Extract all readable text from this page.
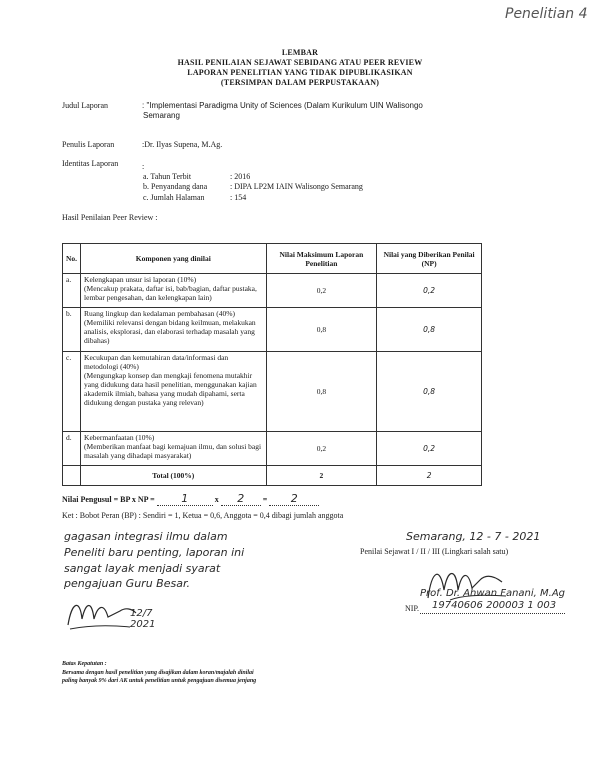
Penelitian 4
LEMBAR
HASIL PENILAIAN SEJAWAT SEBIDANG ATAU PEER REVIEW
LAPORAN PENELITIAN YANG TIDAK DIPUBLIKASIKAN
(TERSIMPAN DALAM PERPUSTAKAAN)
Judul Laporan	: "Implementasi Paradigma Unity of Sciences (Dalam Kurikulum UIN Walisongo
Semarang
Penulis Laporan	:Dr. Ilyas Supena, M.Ag.
Identitas Laporan	:
a. Tahun Terbit	: 2016
b. Penyandang dana	: DIPA LP2M IAIN Walisongo Semarang
c. Jumlah Halaman	: 154
Hasil Penilaian Peer Review :
No.	Komponen yang dinilai	Nilai Maksimum Laporan Penelitian	Nilai yang Diberikan Penilai (NP)
a.	Kelengkapan unsur isi laporan (10%)
(Mencakup prakata, daftar isi, bab/bagian, daftar pustaka, lembar pengesahan, dan kelengkapan lain)	0,2	0,2
b.	Ruang lingkup dan kedalaman pembahasan (40%)
(Memiliki relevansi dengan bidang keilmuan, melakukan analisis, eksplorasi, dan elaborasi terhadap masalah yang dibahas)	0,8	0,8
c.	Kecukupan dan kemutahiran data/informasi dan metodologi (40%)
(Mengungkap konsep dan mengkaji fenomena mutakhir yang didukung data hasil penelitian, menggunakan kajian akademik ilmiah, bahasa yang mudah dipahami, serta didukung dengan pustaka yang relevan)	0,8	0,8
d.	Kebermanfaatan (10%)
(Memberikan manfaat bagi kemajuan ilmu, dan solusi bagi masalah yang dihadapi masyarakat)	0,2	0,2
	Total (100%)	2	2
Nilai Pengusul = BP x NP = 1	x 2 = 2
Ket : Bobot Peran (BP) : Sendiri = 1, Ketua = 0,6, Anggota = 0,4 dibagi jumlah anggota
gagasan integrasi ilmu dalam
Peneliti baru penting, laporan ini
sangat layak menjadi syarat
pengajuan Guru Besar.
Semarang, 12 - 7 - 2021
Penilai Sejawat I / II / III (Lingkari salah satu)
Prof. Dr. Ahwan Fanani, M.Ag
NIP. 19740606 200003 1 003
12/7 2021
Batas Kepatutan :
Bersama dengan hasil penelitian yang disajikan dalam koran/majalah dinilai
paling banyak 9% dari AK untuk penelitian untuk pengajuan disemua jenjang
